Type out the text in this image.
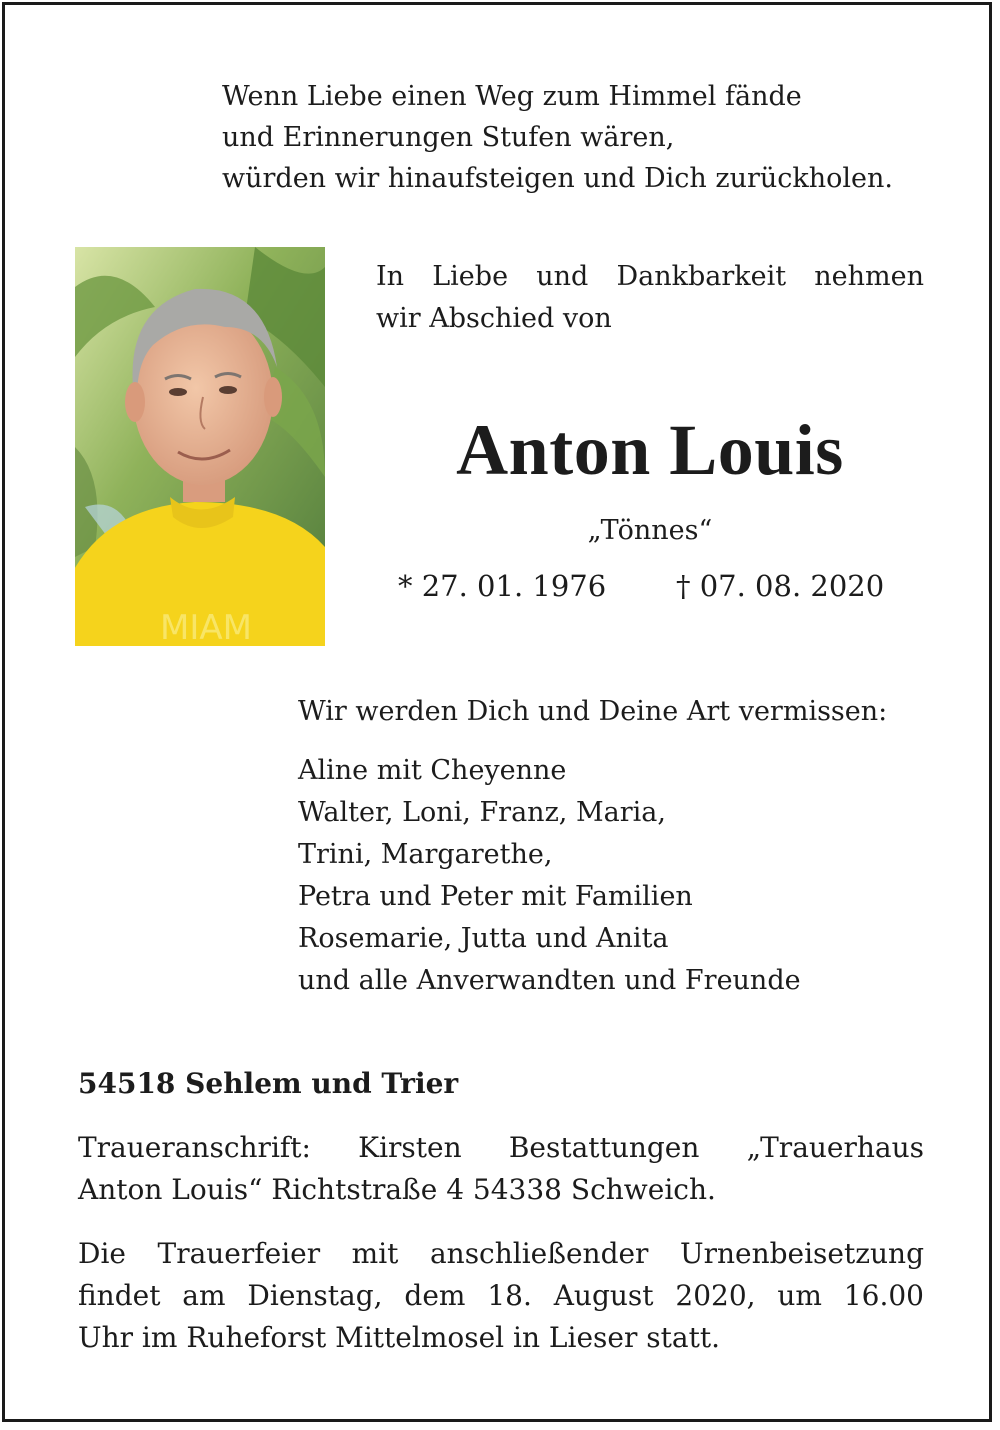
Wenn Liebe einen Weg zum Himmel fände
und Erinnerungen Stufen wären,
würden wir hinaufsteigen und Dich zurückholen.
MIAM
In Liebe und Dankbarkeit nehmen
wir Abschied von
Anton Louis
„Tönnes“
* 27. 01. 1976 † 07. 08. 2020
Wir werden Dich und Deine Art vermissen:
Aline mit Cheyenne
Walter, Loni, Franz, Maria,
Trini, Margarethe,
Petra und Peter mit Familien
Rosemarie, Jutta und Anita
und alle Anverwandten und Freunde
54518 Sehlem und Trier
Traueranschrift: Kirsten Bestattungen „Trauerhaus
Anton Louis“ Richtstraße 4 54338 Schweich.
Die Trauerfeier mit anschließender Urnenbeisetzung
findet am Dienstag, dem 18. August 2020, um 16.00
Uhr im Ruheforst Mittelmosel in Lieser statt.
